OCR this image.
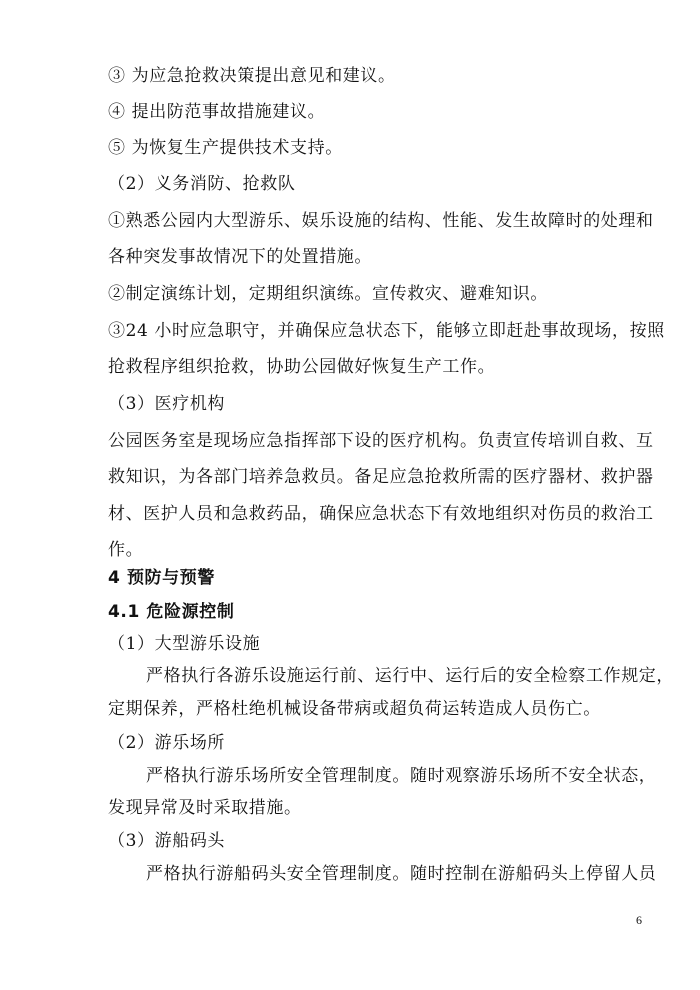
③ 为应急抢救决策提出意见和建议。
④ 提出防范事故措施建议。
⑤ 为恢复生产提供技术支持。
（2）义务消防、抢救队
①熟悉公园内大型游乐、娱乐设施的结构、性能、发生故障时的处理和
各种突发事故情况下的处置措施。
②制定演练计划，定期组织演练。宣传救灾、避难知识。
③24 小时应急职守，并确保应急状态下，能够立即赶赴事故现场，按照
抢救程序组织抢救，协助公园做好恢复生产工作。
（3）医疗机构
公园医务室是现场应急指挥部下设的医疗机构。负责宣传培训自救、互
救知识，为各部门培养急救员。备足应急抢救所需的医疗器材、救护器
材、医护人员和急救药品，确保应急状态下有效地组织对伤员的救治工
作。
4 预防与预警
4.1 危险源控制
（1）大型游乐设施
严格执行各游乐设施运行前、运行中、运行后的安全检察工作规定，
定期保养，严格杜绝机械设备带病或超负荷运转造成人员伤亡。
（2）游乐场所
严格执行游乐场所安全管理制度。随时观察游乐场所不安全状态，
发现异常及时采取措施。
（3）游船码头
严格执行游船码头安全管理制度。随时控制在游船码头上停留人员
6
